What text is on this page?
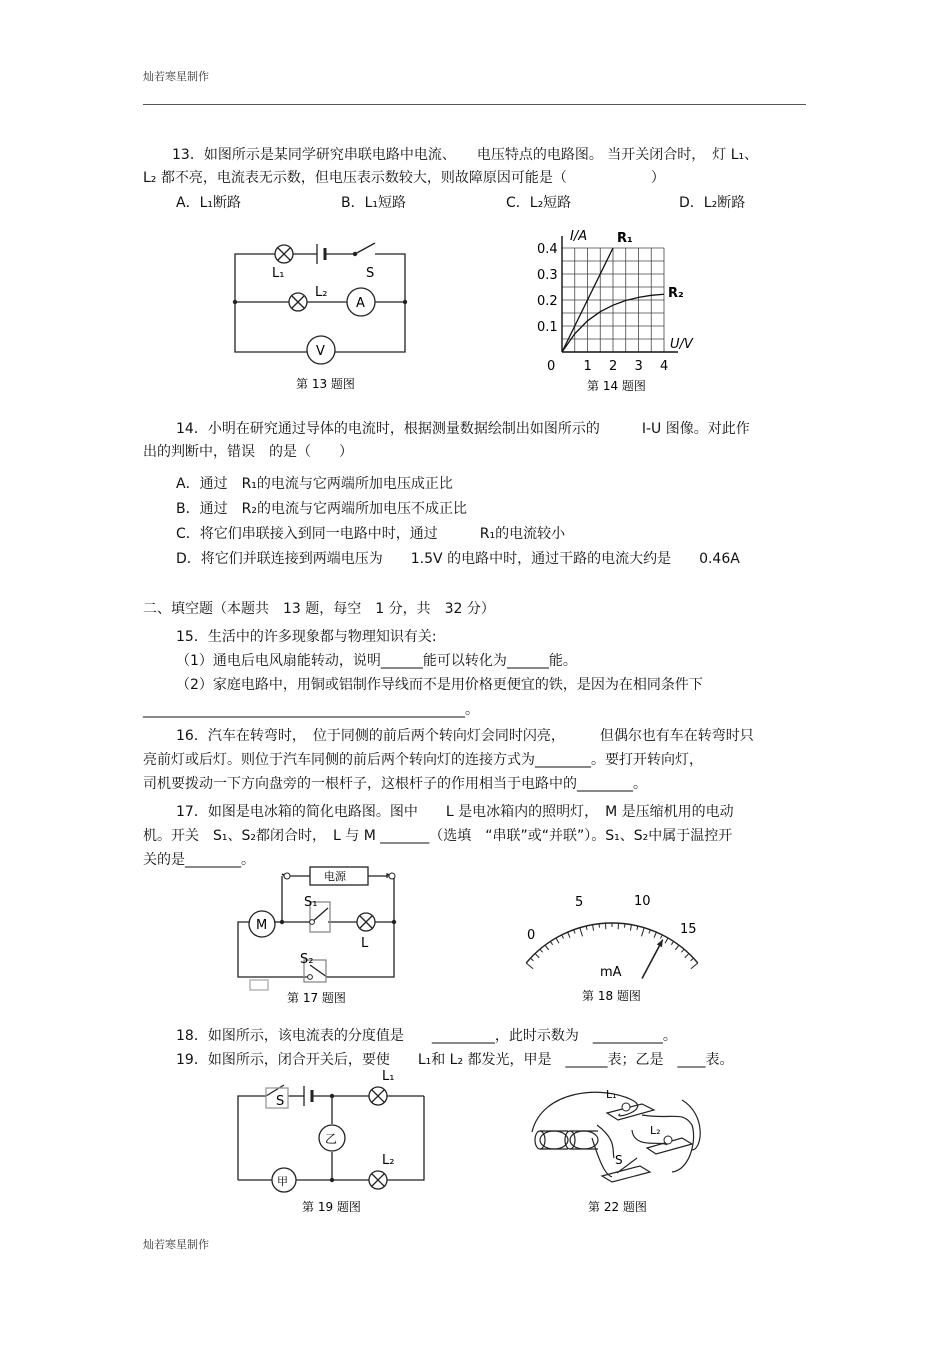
灿若寒星制作
13．如图所示是某同学研究串联电路中电流、　　电压特点的电路图。 当开关闭合时，　灯 L₁、
L₂ 都不亮，电流表无示数，但电压表示数较大，则故障原因可能是（　　　　　　）
A．L₁断路	B．L₁短路	C．L₂短路	D．L₂断路
L₁	S
L₂
A
V
第 13 题图
0.4
0.3
0.2
0.1
0 1 2 3 4
I/A
U/V
R₁
R₂
第 14 题图
14．小明在研究通过导体的电流时，根据测量数据绘制出如图所示的　　　I-U 图像。对此作
出的判断中，错误　的是（　　）
A．通过　R₁的电流与它两端所加电压成正比
B．通过　R₂的电流与它两端所加电压不成正比
C．将它们串联接入到同一电路中时，通过　　　R₁的电流较小
D．将它们并联连接到两端电压为　　1.5V 的电路中时，通过干路的电流大约是　　0.46A
二、填空题（本题共　13 题，每空　1 分，共　32 分）
15．生活中的许多现象都与物理知识有关:
（1）通电后电风扇能转动，说明______能可以转化为______能。
（2）家庭电路中，用铜或铝制作导线而不是用价格更便宜的铁，是因为在相同条件下
______________________________________________。
16．汽车在转弯时，　位于同侧的前后两个转向灯会同时闪亮，　　　但偶尔也有车在转弯时只
亮前灯或后灯。则位于汽车同侧的前后两个转向灯的连接方式为________。要打开转向灯，
司机要拨动一下方向盘旁的一根杆子，这根杆子的作用相当于电路中的________。
17．如图是电冰箱的简化电路图。图中　　L 是电冰箱内的照明灯，　M 是压缩机用的电动
机。开关　S₁、S₂都闭合时，　L 与 M _______（选填　“串联”或“并联”）。S₁、S₂中属于温控开
关的是________。
电源
M
S₁
L
S₂
第 17 题图
0
5	10
15
mA
第 18 题图
18．如图所示，该电流表的分度值是　　_________，此时示数为　__________。
19．如图所示，闭合开关后，要使　　L₁和 L₂ 都发光，甲是　______表；乙是　____表。
S
L₁
L₂
乙
甲
第 19 题图
L₁
L₂
S
第 22 题图
灿若寒星制作
